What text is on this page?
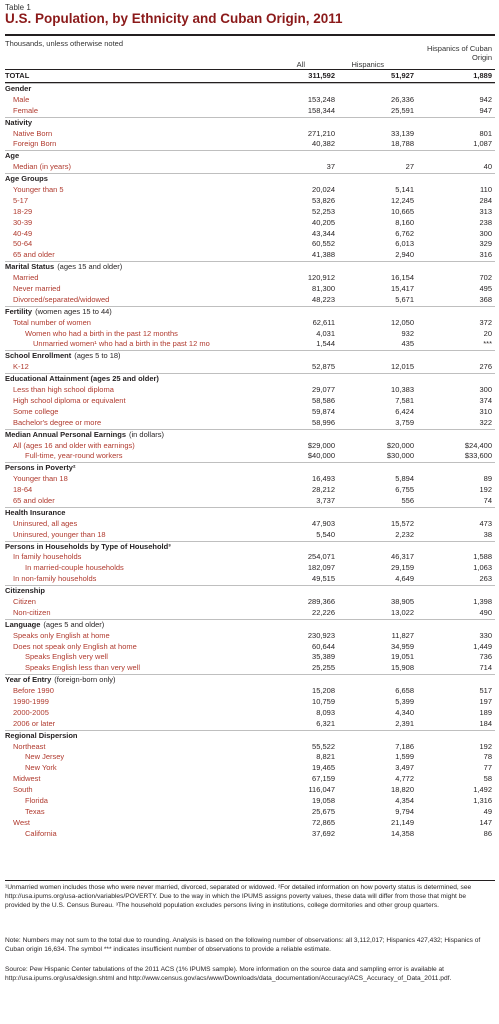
Table 1
U.S. Population, by Ethnicity and Cuban Origin, 2011
Thousands, unless otherwise noted
All	Hispanics
Hispanics of Cuban Origin
TOTAL	311,592	51,927	1,889
Gender
Male	153,248	26,336	942
Female	158,344	25,591	947
Nativity
Native Born	271,210	33,139	801
Foreign Born	40,382	18,788	1,087
Age
Median (in years)	37	27	40
Age Groups
Younger than 5	20,024	5,141	110
5-17	53,826	12,245	284
18-29	52,253	10,665	313
30-39	40,205	8,160	238
40-49	43,344	6,762	300
50-64	60,552	6,013	329
65 and older	41,388	2,940	316
Marital Status (ages 15 and older)
Married	120,912	16,154	702
Never married	81,300	15,417	495
Divorced/separated/widowed	48,223	5,671	368
Fertility (women ages 15 to 44)
Total number of women	62,611	12,050	372
Women who had a birth in the past 12 months	4,031	932	20
Unmarried women¹ who had a birth in the past 12 mo	1,544	435	***
School Enrollment (ages 5 to 18)
K-12	52,875	12,015	276
Educational Attainment (ages 25 and older)
Less than high school diploma	29,077	10,383	300
High school diploma or equivalent	58,586	7,581	374
Some college	59,874	6,424	310
Bachelor's degree or more	58,996	3,759	322
Median Annual Personal Earnings (in dollars)
All (ages 16 and older with earnings)	$29,000	$20,000	$24,400
Full-time, year-round workers	$40,000	$30,000	$33,600
Persons in Poverty²
Younger than 18	16,493	5,894	89
18-64	28,212	6,755	192
65 and older	3,737	556	74
Health Insurance
Uninsured, all ages	47,903	15,572	473
Uninsured, younger than 18	5,540	2,232	38
Persons in Households by Type of Household³
In family households	254,071	46,317	1,588
In married-couple households	182,097	29,159	1,063
In non-family households	49,515	4,649	263
Citizenship
Citizen	289,366	38,905	1,398
Non-citizen	22,226	13,022	490
Language (ages 5 and older)
Speaks only English at home	230,923	11,827	330
Does not speak only English at home	60,644	34,959	1,449
Speaks English very well	35,389	19,051	736
Speaks English less than very well	25,255	15,908	714
Year of Entry (foreign-born only)
Before 1990	15,208	6,658	517
1990-1999	10,759	5,399	197
2000-2005	8,093	4,340	189
2006 or later	6,321	2,391	184
Regional Dispersion
Northeast	55,522	7,186	192
New Jersey	8,821	1,599	78
New York	19,465	3,497	77
Midwest	67,159	4,772	58
South	116,047	18,820	1,492
Florida	19,058	4,354	1,316
Texas	25,675	9,794	49
West	72,865	21,149	147
California	37,692	14,358	86
¹Unmarried women includes those who were never married, divorced, separated or widowed. ²For detailed information on how poverty status is determined, see http://usa.ipums.org/usa-action/variables/POVERTY. Due to the way in which the IPUMS assigns poverty values, these data will differ from those that might be provided by the U.S. Census Bureau. ³The household population excludes persons living in institutions, college dormitories and other group quarters.
Note: Numbers may not sum to the total due to rounding. Analysis is based on the following number of observations: all 3,112,017; Hispanics 427,432; Hispanics of Cuban origin 16,634. The symbol *** indicates insufficient number of observations to provide a reliable estimate.
Source: Pew Hispanic Center tabulations of the 2011 ACS (1% IPUMS sample). More information on the source data and sampling error is available at http://usa.ipums.org/usa/design.shtml and http://www.census.gov/acs/www/Downloads/data_documentation/Accuracy/ACS_Accuracy_of_Data_2011.pdf.
